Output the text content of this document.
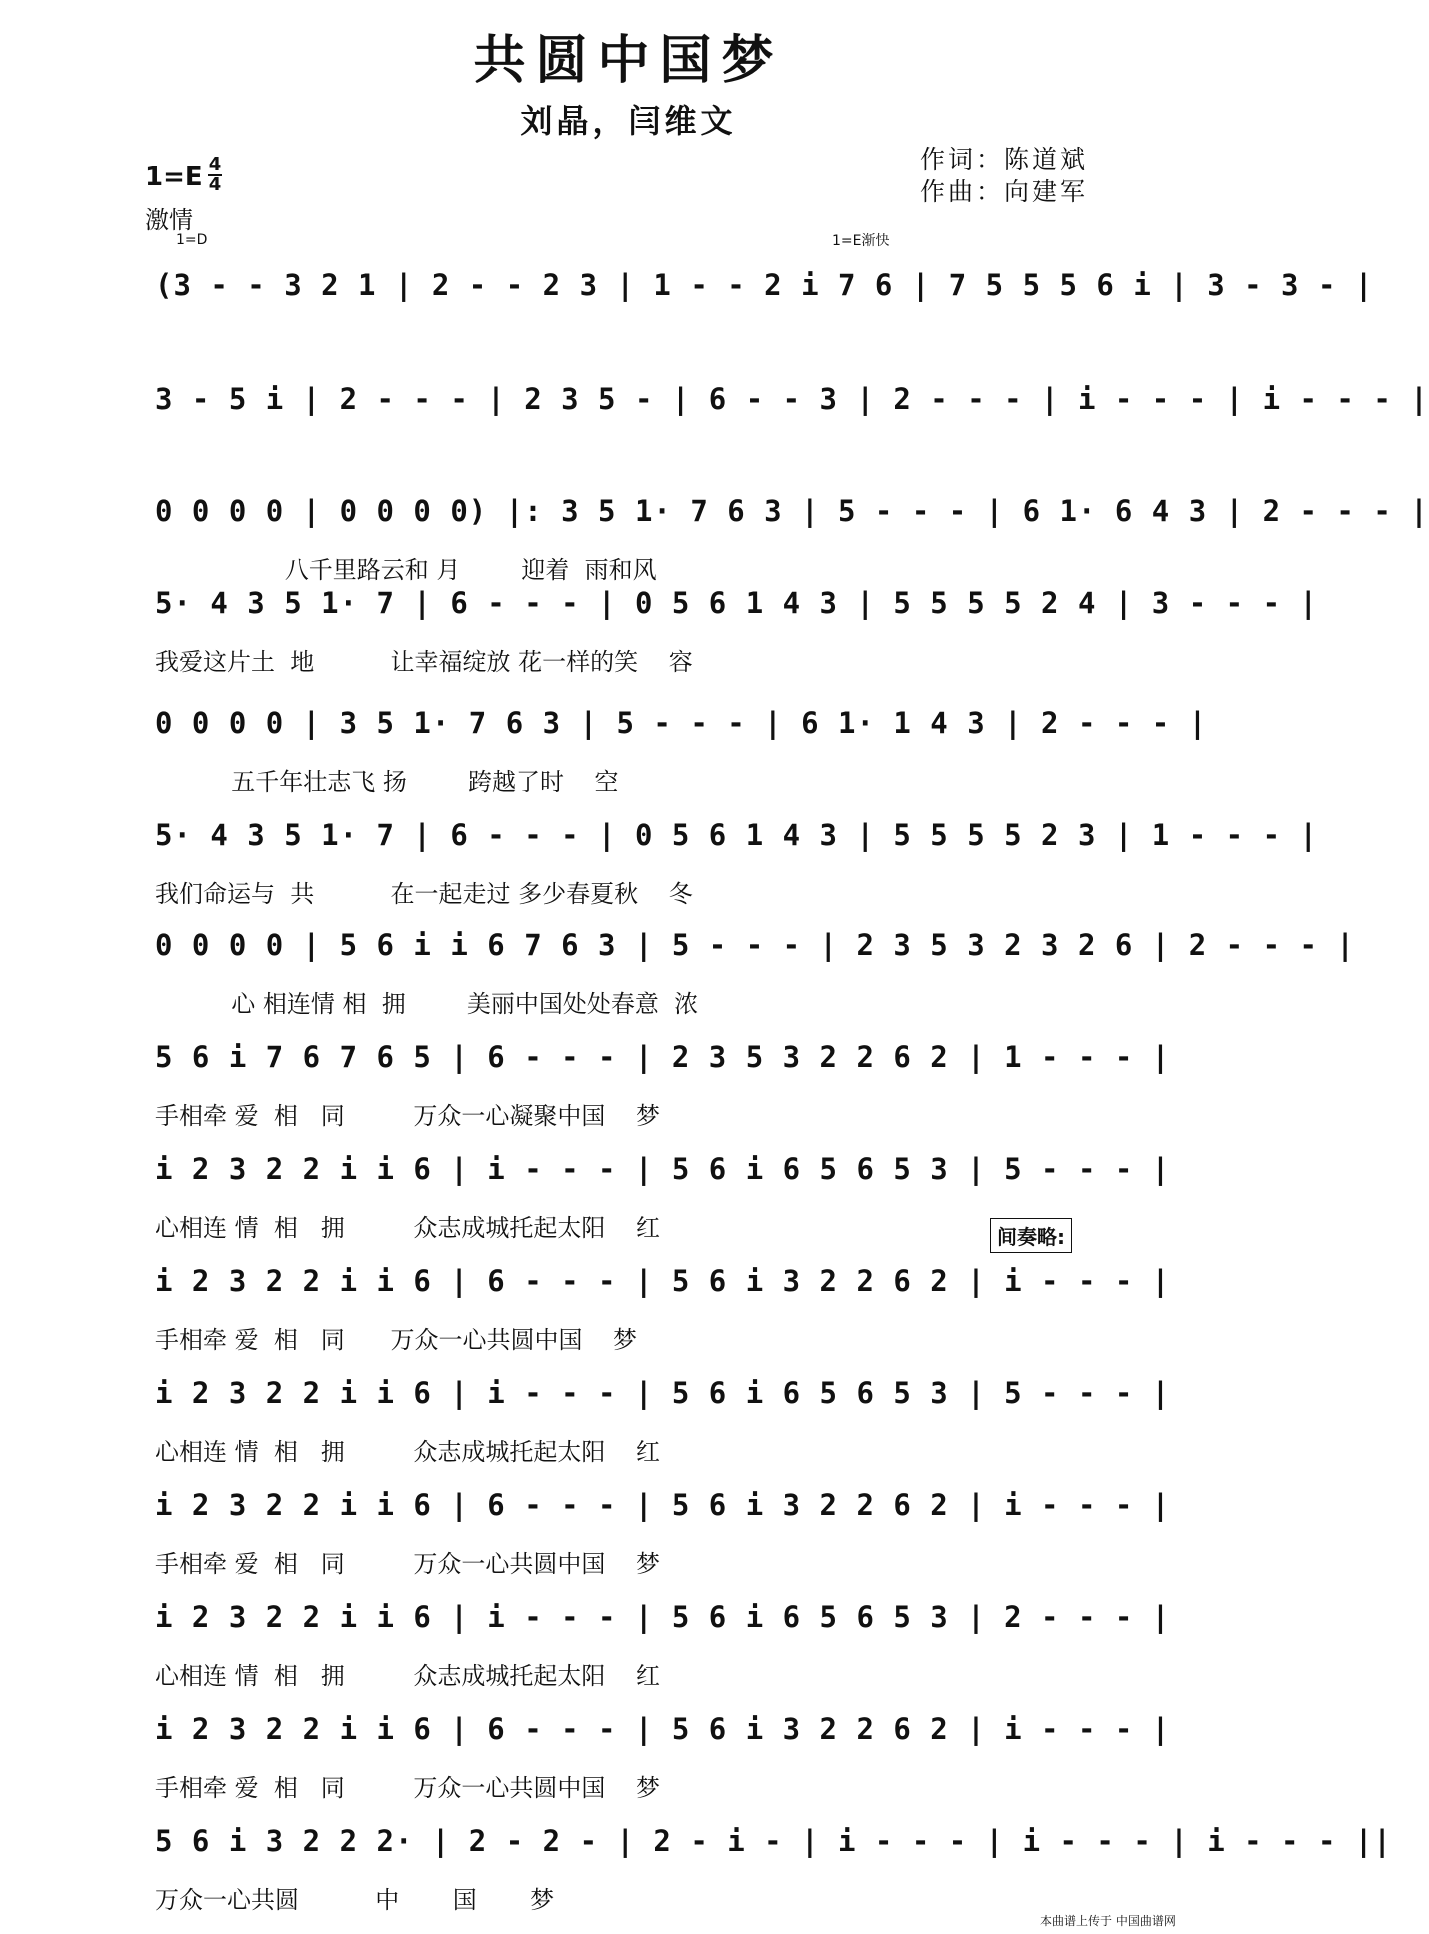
共圆中国梦
刘晶，闫维文
作词：陈道斌
作曲：向建军
1=E 4
4
激情
1=D	1=E渐快
(3 - - 3 2 1 | 2 - - 2 3 | 1 - - 2 i 7 6 | 7 5 5 5 6 i | 3 - 3 - |
3 - 5 i | 2 - - - | 2 3 5 - | 6 - - 3 | 2 - - - | i - - - | i - - - |
0 0 0 0 | 0 0 0 0) |: 3 5 1· 7 6 3 | 5 - - - | 6 1· 6 4 3 | 2 - - - |
八千里路云和 月        迎着  雨和风
5· 4 3 5 1· 7 | 6 - - - | 0 5 6 1 4 3 | 5 5 5 5 2 4 | 3 - - - |
我爱这片土  地          让幸福绽放 花一样的笑    容
0 0 0 0 | 3 5 1· 7 6 3 | 5 - - - | 6 1· 1 4 3 | 2 - - - |
五千年壮志飞 扬        跨越了时    空
5· 4 3 5 1· 7 | 6 - - - | 0 5 6 1 4 3 | 5 5 5 5 2 3 | 1 - - - |
我们命运与  共          在一起走过 多少春夏秋    冬
0 0 0 0 | 5 6 i i 6 7 6 3 | 5 - - - | 2 3 5 3 2 3 2 6 | 2 - - - |
心 相连情 相  拥        美丽中国处处春意  浓
5 6 i 7 6 7 6 5 | 6 - - - | 2 3 5 3 2 2 6 2 | 1 - - - |
手相牵 爱  相   同         万众一心凝聚中国    梦
i 2 3 2 2 i i 6 | i - - - | 5 6 i 6 5 6 5 3 | 5 - - - |
心相连 情  相   拥         众志成城托起太阳    红
i 2 3 2 2 i i 6 | 6 - - - | 5 6 i 3 2 2 6 2 | i - - - |
手相牵 爱  相   同      万众一心共圆中国    梦
i 2 3 2 2 i i 6 | i - - - | 5 6 i 6 5 6 5 3 | 5 - - - |
心相连 情  相   拥         众志成城托起太阳    红
i 2 3 2 2 i i 6 | 6 - - - | 5 6 i 3 2 2 6 2 | i - - - |
手相牵 爱  相   同         万众一心共圆中国    梦
i 2 3 2 2 i i 6 | i - - - | 5 6 i 6 5 6 5 3 | 2 - - - |
心相连 情  相   拥         众志成城托起太阳    红
i 2 3 2 2 i i 6 | 6 - - - | 5 6 i 3 2 2 6 2 | i - - - |
手相牵 爱  相   同         万众一心共圆中国    梦
5 6 i 3 2 2 2· | 2 - 2 - | 2 - i - | i - - - | i - - - | i - - - ||
万众一心共圆          中       国       梦
间奏略:
本曲谱上传于 中国曲谱网
